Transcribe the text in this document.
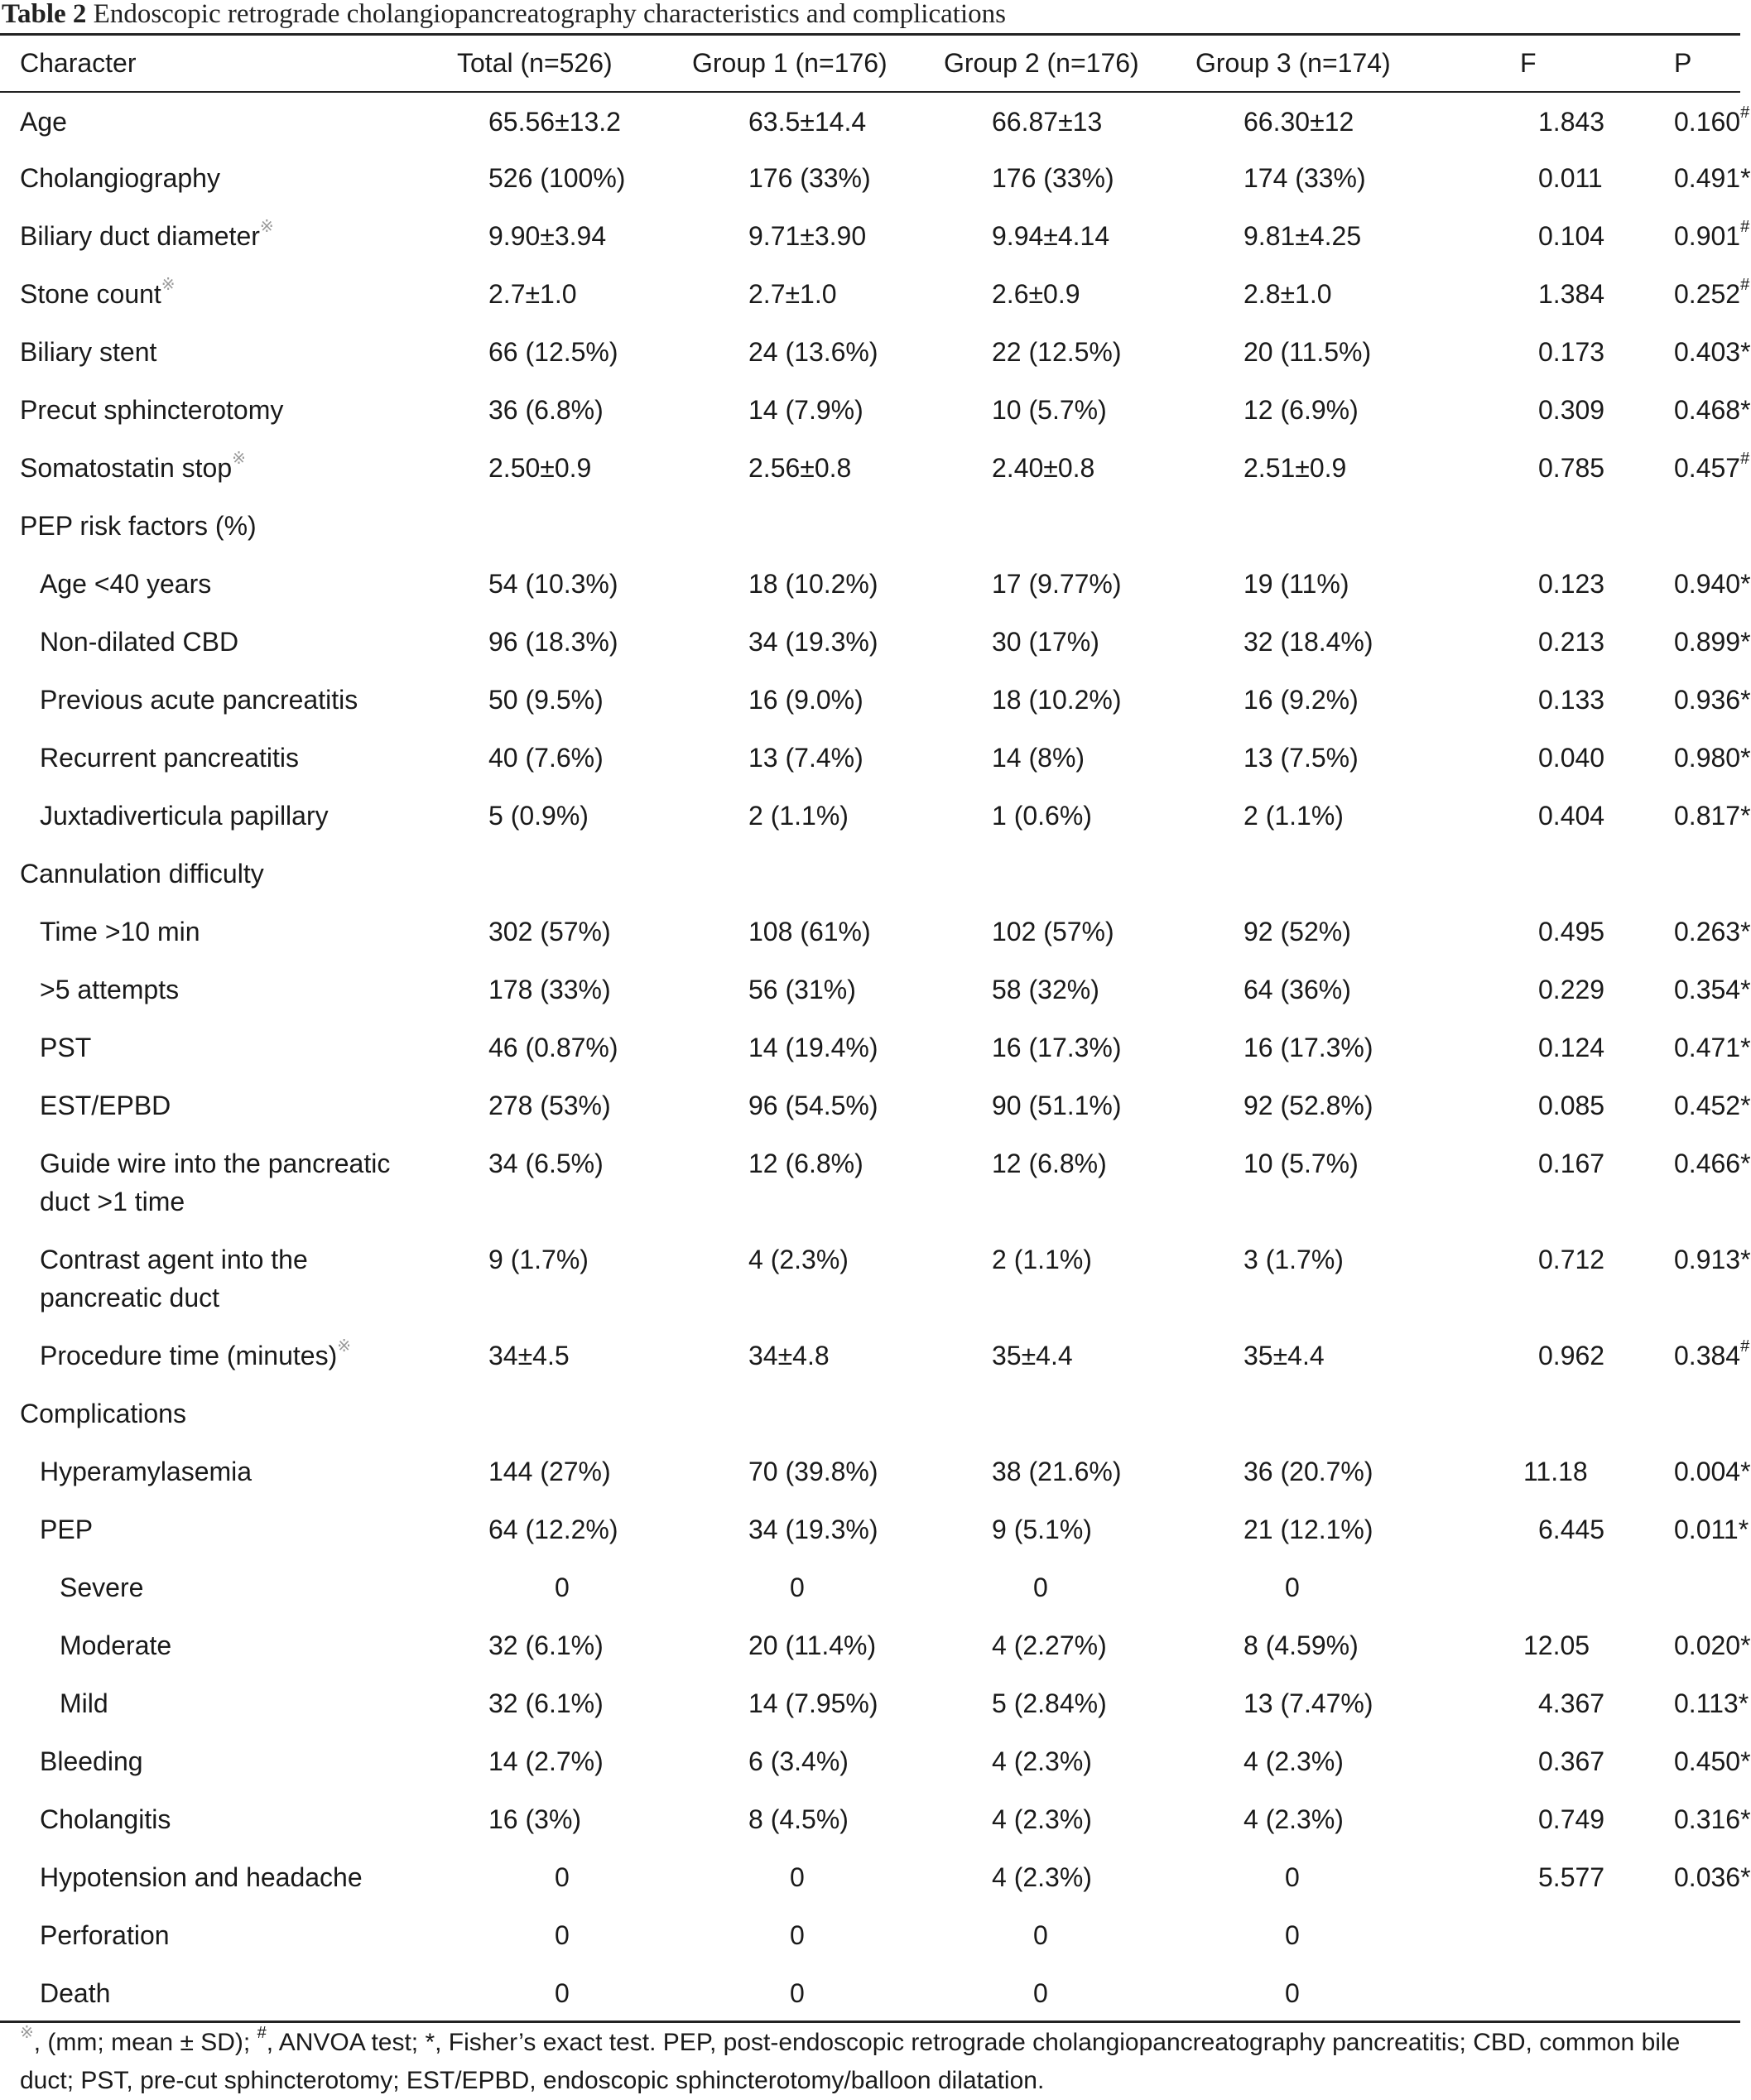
Table 2 Endoscopic retrograde cholangiopancreatography characteristics and complications
Character	Total (n=526)	Group 1 (n=176)	Group 2 (n=176)	Group 3 (n=174)	F	P
Age	65.56±13.2	63.5±14.4	66.87±13	66.30±12	1.843	0.160#
Cholangiography	526 (100%)	176 (33%)	176 (33%)	174 (33%)	0.011	0.491*
Biliary duct diameter※	9.90±3.94	9.71±3.90	9.94±4.14	9.81±4.25	0.104	0.901#
Stone count※	2.7±1.0	2.7±1.0	2.6±0.9	2.8±1.0	1.384	0.252#
Biliary stent	66 (12.5%)	24 (13.6%)	22 (12.5%)	20 (11.5%)	0.173	0.403*
Precut sphincterotomy	36 (6.8%)	14 (7.9%)	10 (5.7%)	12 (6.9%)	0.309	0.468*
Somatostatin stop※	2.50±0.9	2.56±0.8	2.40±0.8	2.51±0.9	0.785	0.457#
PEP risk factors (%)						
Age <40 years	54 (10.3%)	18 (10.2%)	17 (9.77%)	19 (11%)	0.123	0.940*
Non-dilated CBD	96 (18.3%)	34 (19.3%)	30 (17%)	32 (18.4%)	0.213	0.899*
Previous acute pancreatitis	50 (9.5%)	16 (9.0%)	18 (10.2%)	16 (9.2%)	0.133	0.936*
Recurrent pancreatitis	40 (7.6%)	13 (7.4%)	14 (8%)	13 (7.5%)	0.040	0.980*
Juxtadiverticula papillary	5 (0.9%)	2 (1.1%)	1 (0.6%)	2 (1.1%)	0.404	0.817*
Cannulation difficulty						
Time >10 min	302 (57%)	108 (61%)	102 (57%)	92 (52%)	0.495	0.263*
>5 attempts	178 (33%)	56 (31%)	58 (32%)	64 (36%)	0.229	0.354*
PST	46 (0.87%)	14 (19.4%)	16 (17.3%)	16 (17.3%)	0.124	0.471*
EST/EPBD	278 (53%)	96 (54.5%)	90 (51.1%)	92 (52.8%)	0.085	0.452*
Guide wire into the pancreatic duct >1 time	34 (6.5%)	12 (6.8%)	12 (6.8%)	10 (5.7%)	0.167	0.466*
Contrast agent into the pancreatic duct	9 (1.7%)	4 (2.3%)	2 (1.1%)	3 (1.7%)	0.712	0.913*
Procedure time (minutes)※	34±4.5	34±4.8	35±4.4	35±4.4	0.962	0.384#
Complications						
Hyperamylasemia	144 (27%)	70 (39.8%)	38 (21.6%)	36 (20.7%)	11.18	0.004*
PEP	64 (12.2%)	34 (19.3%)	9 (5.1%)	21 (12.1%)	6.445	0.011*
Severe	0	0	0	0		
Moderate	32 (6.1%)	20 (11.4%)	4 (2.27%)	8 (4.59%)	12.05	0.020*
Mild	32 (6.1%)	14 (7.95%)	5 (2.84%)	13 (7.47%)	4.367	0.113*
Bleeding	14 (2.7%)	6 (3.4%)	4 (2.3%)	4 (2.3%)	0.367	0.450*
Cholangitis	16 (3%)	8 (4.5%)	4 (2.3%)	4 (2.3%)	0.749	0.316*
Hypotension and headache	0	0	4 (2.3%)	0	5.577	0.036*
Perforation	0	0	0	0		
Death	0	0	0	0		
※, (mm; mean ± SD); #, ANVOA test; *, Fisher’s exact test. PEP, post-endoscopic retrograde cholangiopancreatography pancreatitis; CBD, common bile duct; PST, pre-cut sphincterotomy; EST/EPBD, endoscopic sphincterotomy/balloon dilatation.
